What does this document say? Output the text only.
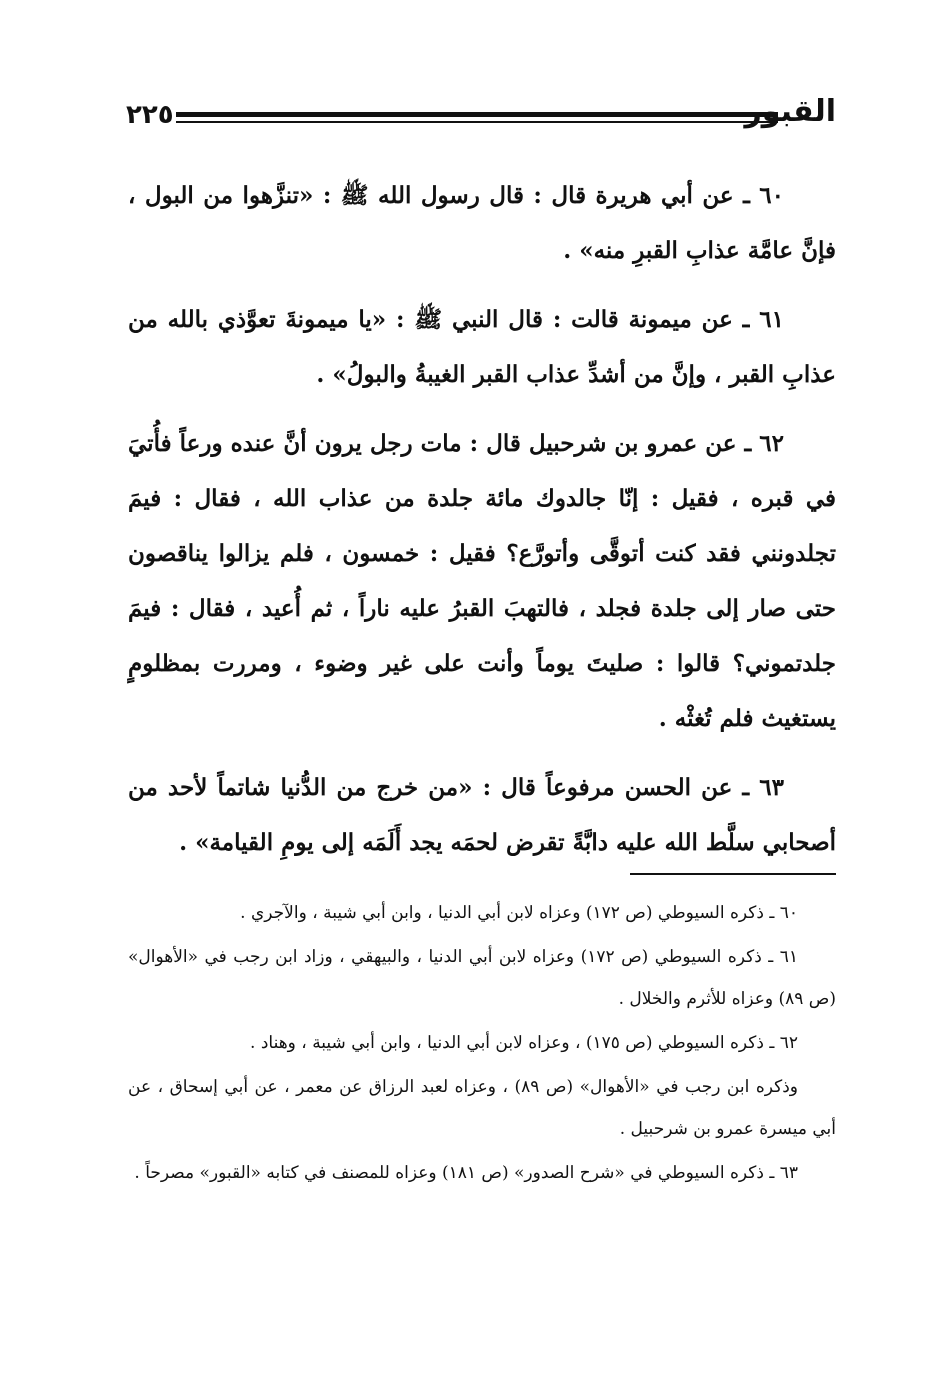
٢٢٥	القبور

٦٠ ـ عن أبي هريرة قال : قال رسول الله ﷺ : «تنزَّهوا من البول ، فإنَّ عامَّة عذابِ القبرِ منه» .

٦١ ـ عن ميمونة قالت : قال النبي ﷺ : «يا ميمونةَ تعوَّذي بالله من عذابِ القبر ، وإنَّ من أشدِّ عذاب القبر الغيبةُ والبولُ» .

٦٢ ـ عن عمرو بن شرحبيل قال : مات رجل يرون أنَّ عنده ورعاً فأُتيَ في قبره ، فقيل : إنّا جالدوك مائة جلدة من عذاب الله ، فقال : فيمَ تجلدونني فقد كنت أتوقَّى وأتورَّع؟ فقيل : خمسون ، فلم يزالوا يناقصون حتى صار إلى جلدة فجلد ، فالتهبَ القبرُ عليه ناراً ، ثم أُعيد ، فقال : فيمَ جلدتموني؟ قالوا : صليتَ يوماً وأنت على غير وضوء ، ومررت بمظلومٍ يستغيث فلم تُغثْه .

٦٣ ـ عن الحسن مرفوعاً قال : «من خرج من الدُّنيا شاتماً لأحد من أصحابي سلَّط الله عليه دابَّةً تقرض لحمَه يجد أَلَمَه إلى يومِ القيامة» .

٦٠ ـ ذكره السيوطي (ص ١٧٢) وعزاه لابن أبي الدنيا ، وابن أبي شيبة ، والآجري .

٦١ ـ ذكره السيوطي (ص ١٧٢) وعزاه لابن أبي الدنيا ، والبيهقي ، وزاد ابن رجب في «الأهوال» (ص ٨٩) وعزاه للأثرم والخلال .

٦٢ ـ ذكره السيوطي (ص ١٧٥) ، وعزاه لابن أبي الدنيا ، وابن أبي شيبة ، وهناد .

وذكره ابن رجب في «الأهوال» (ص ٨٩) ، وعزاه لعبد الرزاق عن معمر ، عن أبي إسحاق ، عن أبي ميسرة عمرو بن شرحبيل .

٦٣ ـ ذكره السيوطي في «شرح الصدور» (ص ١٨١) وعزاه للمصنف في كتابه «القبور» مصرحاً .
